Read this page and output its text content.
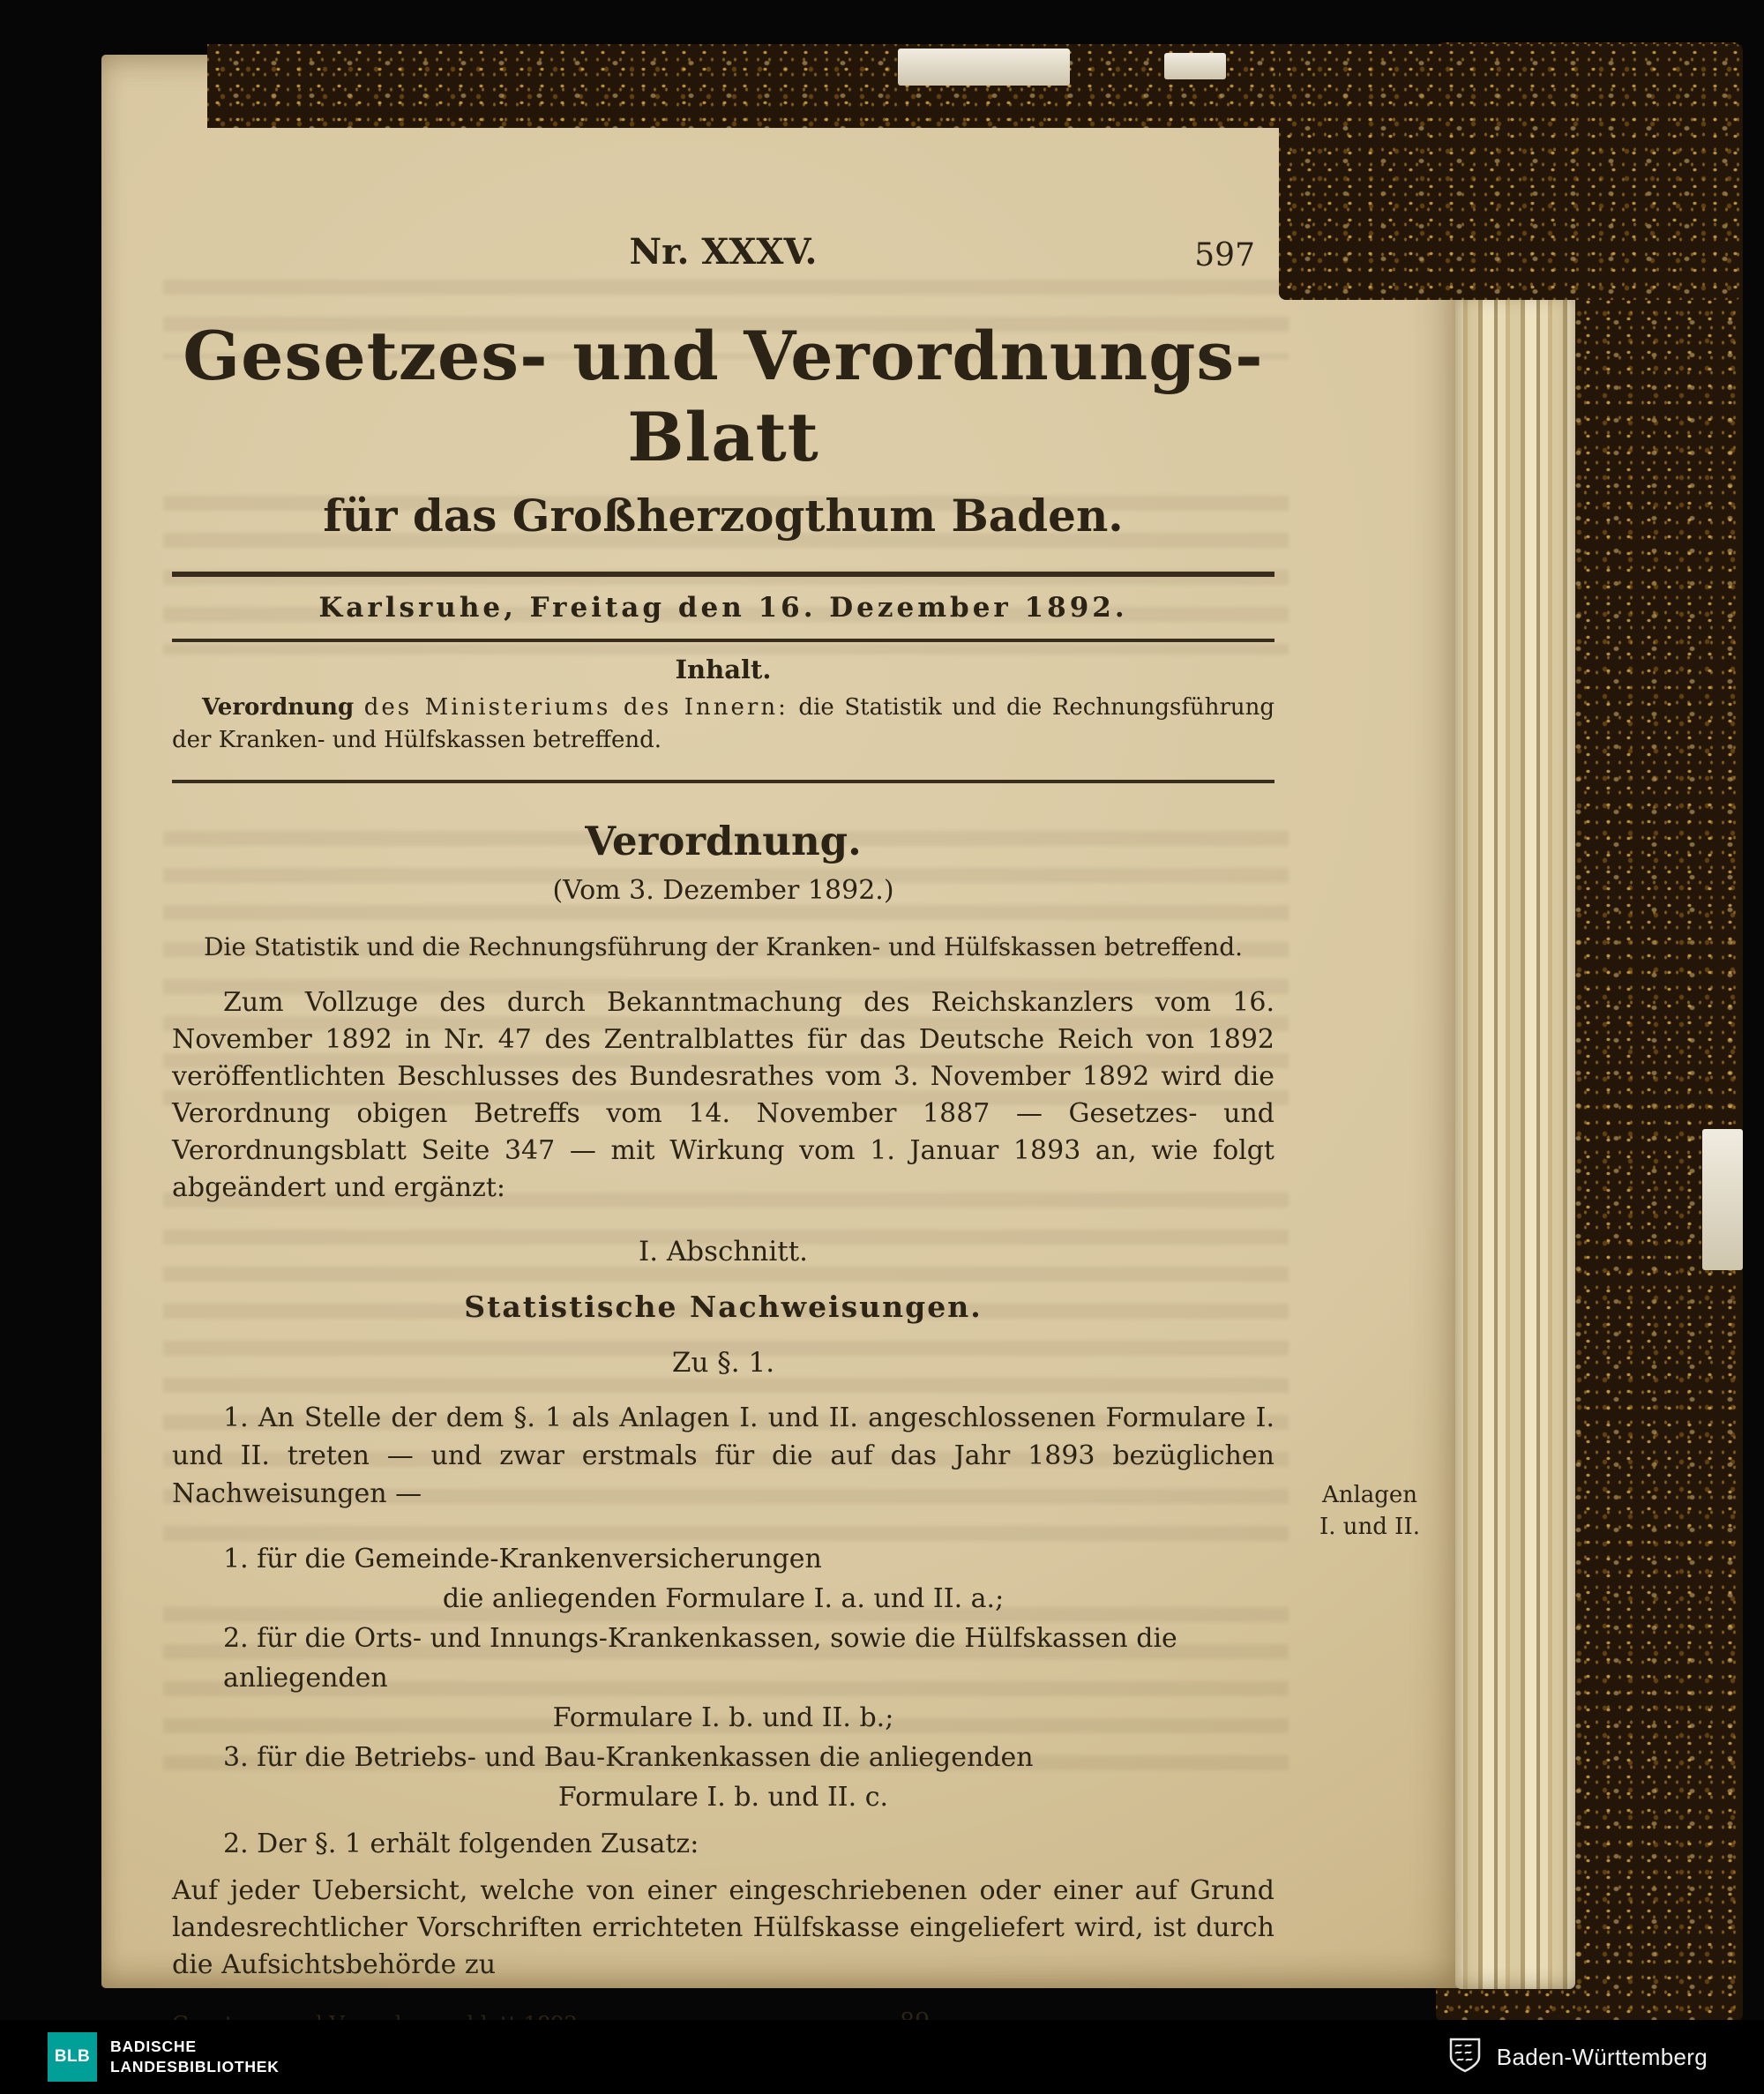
Nr. XXXV.	597
Gesetzes- und Verordnungs-Blatt
für das Großherzogthum Baden.
Karlsruhe, Freitag den 16. Dezember 1892.
Inhalt.

Verordnung des Ministeriums des Innern: die Statistik und die Rechnungsführung der Kranken- und Hülfskassen betreffend.

Verordnung.
(Vom 3. Dezember 1892.)
Die Statistik und die Rechnungsführung der Kranken- und Hülfskassen betreffend.

Zum Vollzuge des durch Bekanntmachung des Reichskanzlers vom 16. November 1892 in Nr. 47 des Zentralblattes für das Deutsche Reich von 1892 veröffentlichten Beschlusses des Bundesrathes vom 3. November 1892 wird die Verordnung obigen Betreffs vom 14. November 1887 — Gesetzes- und Verordnungsblatt Seite 347 — mit Wirkung vom 1. Januar 1893 an, wie folgt abgeändert und ergänzt:

I. Abschnitt.
Statistische Nachweisungen.
Zu §. 1.

1. An Stelle der dem §. 1 als Anlagen I. und II. angeschlossenen Formulare I. und II. treten — und zwar erstmals für die auf das Jahr 1893 bezüglichen Nachweisungen —

1. für die Gemeinde-Krankenversicherungen
die anliegenden Formulare I. a. und II. a.;
2. für die Orts- und Innungs-Krankenkassen, sowie die Hülfskassen die anliegenden
Formulare I. b. und II. b.;
3. für die Betriebs- und Bau-Krankenkassen die anliegenden
Formulare I. b. und II. c.
2. Der §. 1 erhält folgenden Zusatz:

Auf jeder Uebersicht, welche von einer eingeschriebenen oder einer auf Grund landesrechtlicher Vorschriften errichteten Hülfskasse eingeliefert wird, ist durch die Aufsichtsbehörde zu

Anlagen
I. und II.
BLB
BADISCHE
LANDESBIBLIOTHEK	Baden-Württemberg
